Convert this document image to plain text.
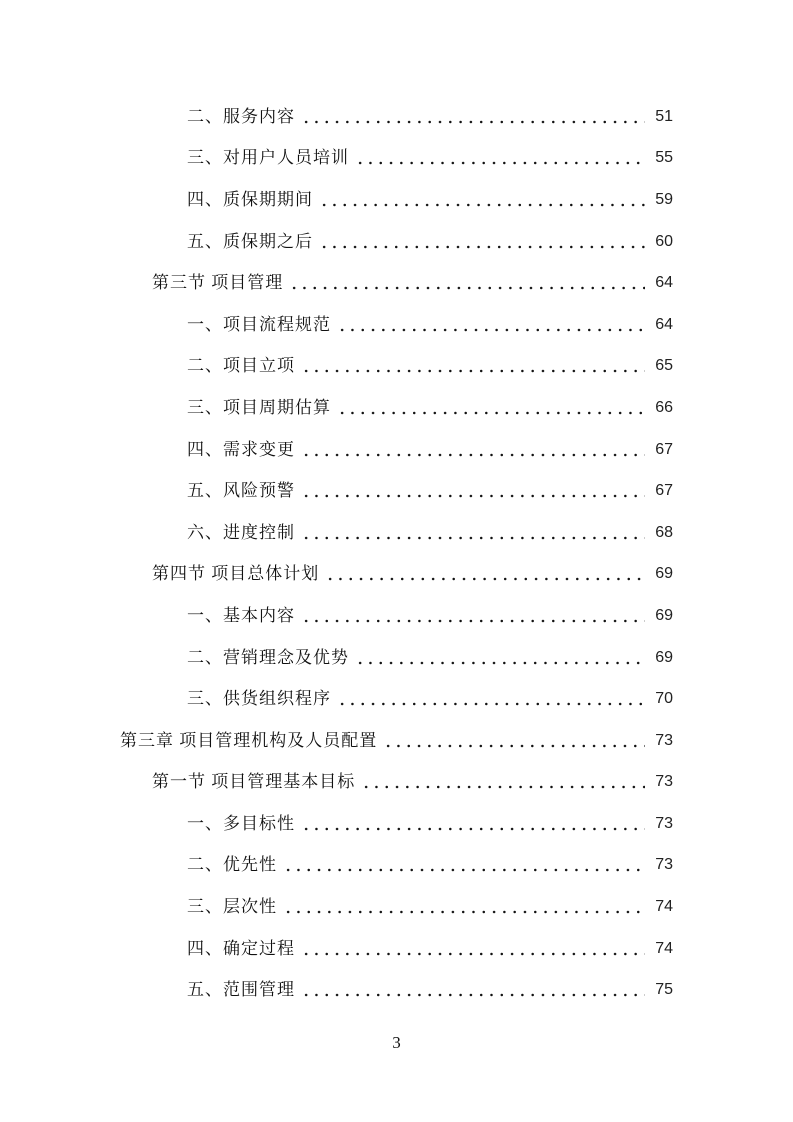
二、服务内容	51
三、对用户人员培训	55
四、质保期期间	59
五、质保期之后	60
第三节 项目管理	64
一、项目流程规范	64
二、项目立项	65
三、项目周期估算	66
四、需求变更	67
五、风险预警	67
六、进度控制	68
第四节 项目总体计划	69
一、基本内容	69
二、营销理念及优势	69
三、供货组织程序	70
第三章 项目管理机构及人员配置	73
第一节 项目管理基本目标	73
一、多目标性	73
二、优先性	73
三、层次性	74
四、确定过程	74
五、范围管理	75
3
